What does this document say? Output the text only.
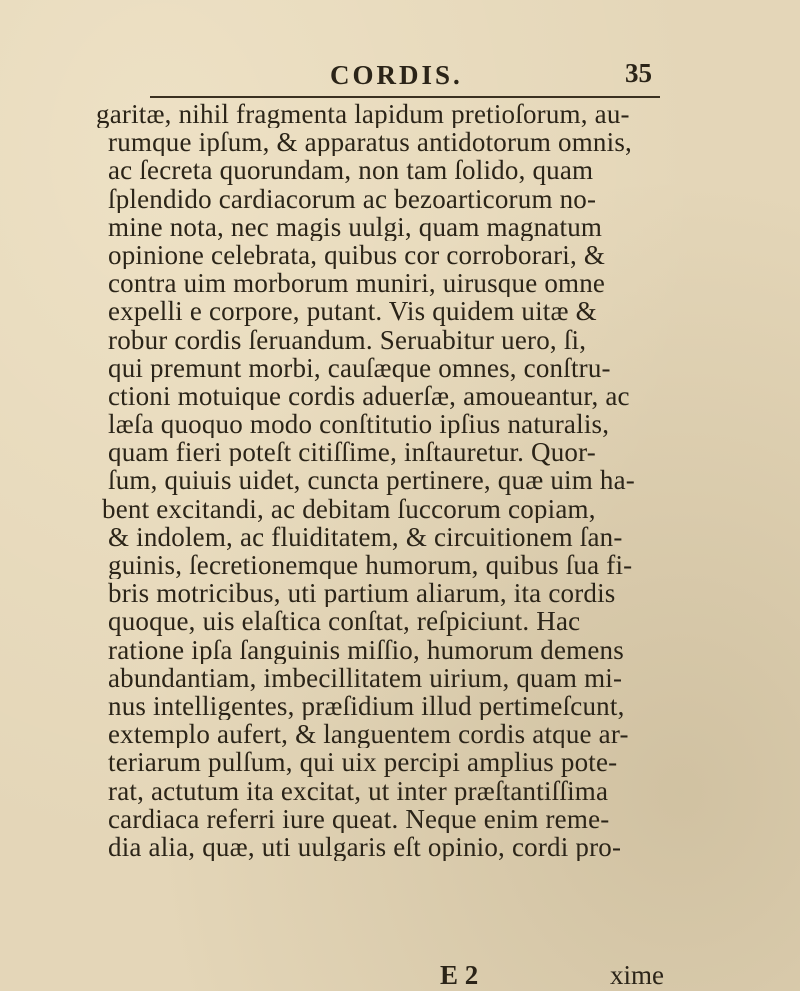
CORDIS.	35
garitæ, nihil fragmenta lapidum pretioſorum, au-
rumque ipſum, & apparatus antidotorum omnis,
ac ſecreta quorundam, non tam ſolido, quam
ſplendido cardiacorum ac bezoarticorum no-
mine nota, nec magis uulgi, quam magnatum
opinione celebrata, quibus cor corroborari, &
contra uim morborum muniri, uirusque omne
expelli e corpore, putant. Vis quidem uitæ &
robur cordis ſeruandum. Seruabitur uero, ſi,
qui premunt morbi, cauſæque omnes, conſtru-
ctioni motuique cordis aduerſæ, amoueantur, ac
læſa quoquo modo conſtitutio ipſius naturalis,
quam fieri poteſt citiſſime, inſtauretur. Quor-
ſum, quiuis uidet, cuncta pertinere, quæ uim ha-
bent excitandi, ac debitam ſuccorum copiam,
& indolem, ac fluiditatem, & circuitionem ſan-
guinis, ſecretionemque humorum, quibus ſua fi-
bris motricibus, uti partium aliarum, ita cordis
quoque, uis elaſtica conſtat, reſpiciunt. Hac
ratione ipſa ſanguinis miſſio, humorum demens
abundantiam, imbecillitatem uirium, quam mi-
nus intelligentes, præſidium illud pertimeſcunt,
extemplo aufert, & languentem cordis atque ar-
teriarum pulſum, qui uix percipi amplius pote-
rat, actutum ita excitat, ut inter præſtantiſſima
cardiaca referri iure queat. Neque enim reme-
dia alia, quæ, uti uulgaris eſt opinio, cordi pro-
E 2	xime
